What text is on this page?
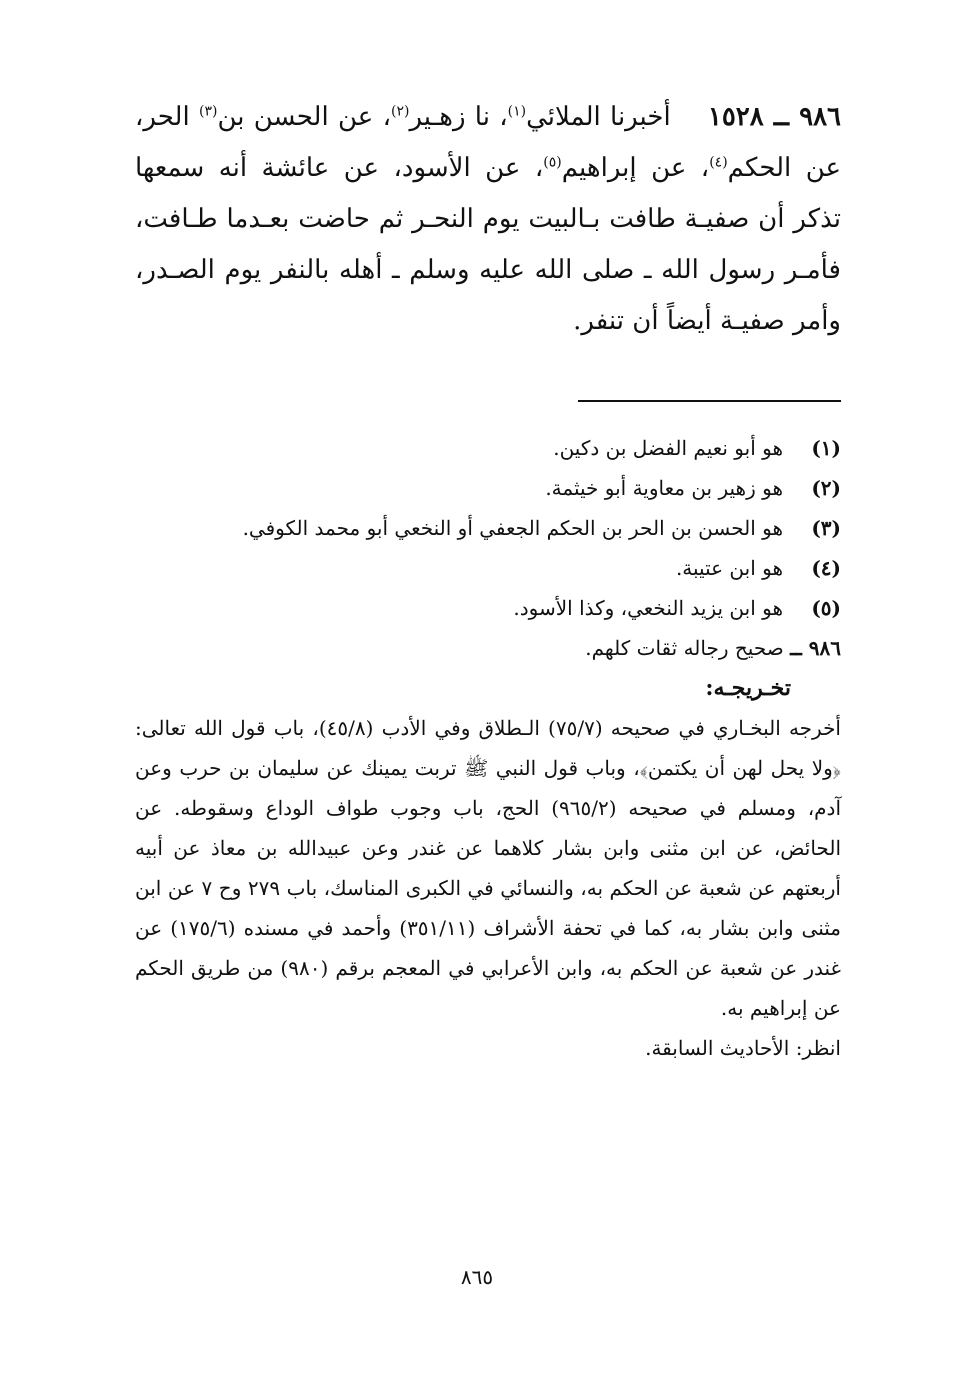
٩٨٦ ــ ١٥٢٨    أخبرنا الملائي$^{(١)}$، نا زهـير$^{(٢)}$، عن الحسن بن$^{(٣)}$ الحر، عن الحكم$^{(٤)}$، عن إبراهيم$^{(٥)}$، عن الأسود، عن عائشة أنه سمعها تذكر أن صفيـة طافت بـالبيت يوم النحـر ثم حاضت بعـدما طـافت، فأمـر رسول الله ـ صلى الله عليه وسلم ـ أهله بالنفر يوم الصـدر، وأمر صفيـة أيضاً أن تنفر.
(١)
هو أبو نعيم الفضل بن دكين.
(٢)
هو زهير بن معاوية أبو خيثمة.
(٣)
هو الحسن بن الحر بن الحكم الجعفي أو النخعي أبو محمد الكوفي.
(٤)
هو ابن عتيبة.
(٥)
هو ابن يزيد النخعي، وكذا الأسود.
٩٨٦ ــ صحيح رجاله ثقات كلهم.
تخـريجـه:
أخرجه البخـاري في صحيحه (٧٥/٧) الـطلاق وفي الأدب (٤٥/٨)، باب قول الله تعالى: ﴿ولا يحل لهن أن يكتمن﴾، وباب قول النبي ﷺ تربت يمينك عن سليمان بن حرب وعن آدم، ومسلم في صحيحه (٩٦٥/٢) الحج، باب وجوب طواف الوداع وسقوطه. عن الحائض، عن ابن مثنى وابن بشار كلاهما عن غندر وعن عبيدالله بن معاذ عن أبيه أربعتهم عن شعبة عن الحكم به، والنسائي في الكبرى المناسك، باب ٢٧٩ وح ٧ عن ابن مثنى وابن بشار به، كما في تحفة الأشراف (٣٥١/١١) وأحمد في مسنده (١٧٥/٦) عن غندر عن شعبة عن الحكم به، وابن الأعرابي في المعجم برقم (٩٨٠) من طريق الحكم عن إبراهيم به.
انظر: الأحاديث السابقة.
٨٦٥
